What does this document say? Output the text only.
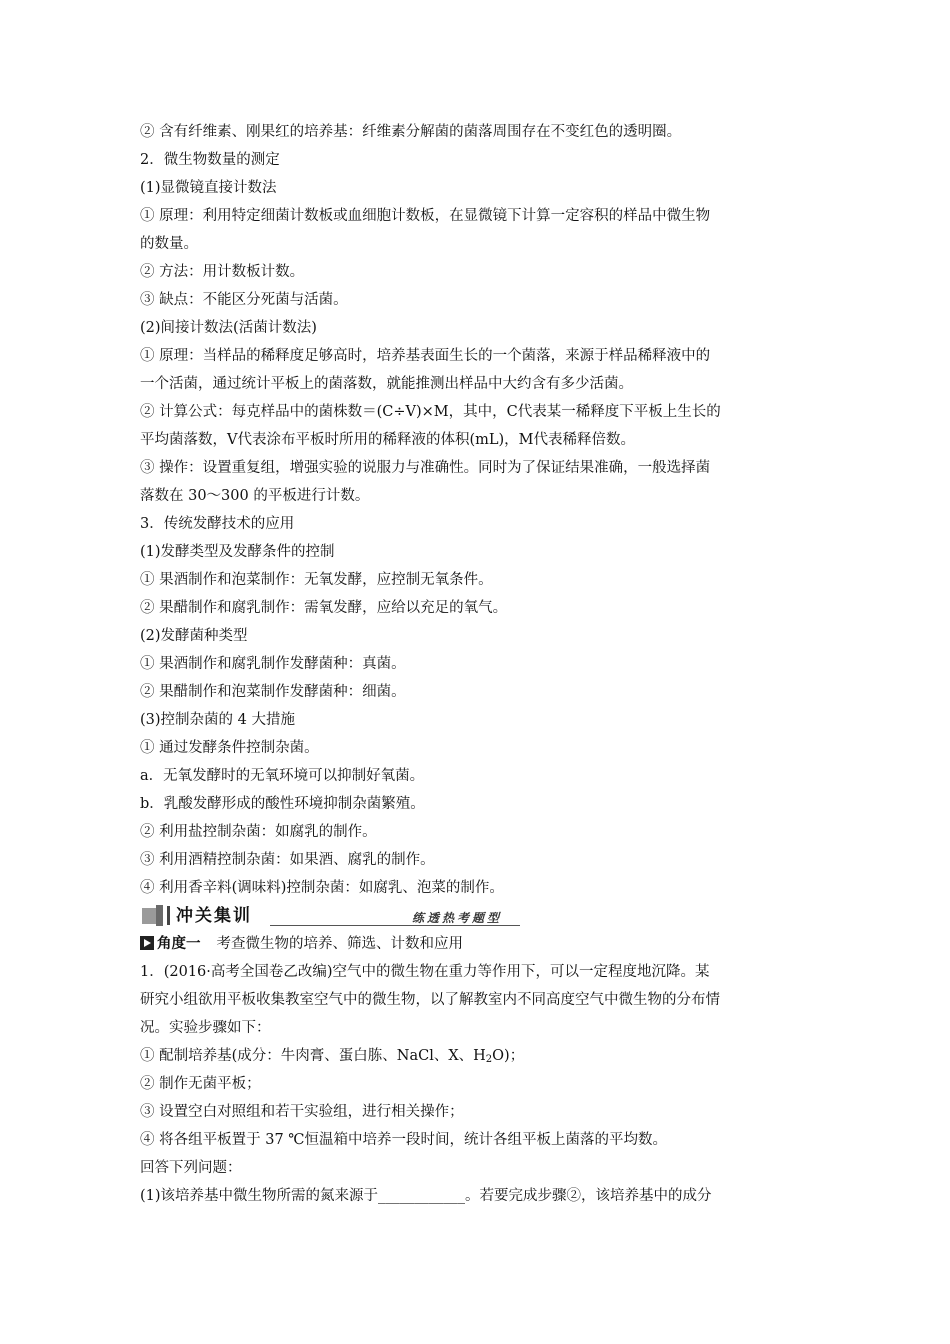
② 含有纤维素、刚果红的培养基：纤维素分解菌的菌落周围存在不变红色的透明圈。
2．微生物数量的测定
(1)显微镜直接计数法
① 原理：利用特定细菌计数板或血细胞计数板，在显微镜下计算一定容积的样品中微生物
的数量。
② 方法：用计数板计数。
③ 缺点：不能区分死菌与活菌。
(2)间接计数法(活菌计数法)
① 原理：当样品的稀释度足够高时，培养基表面生长的一个菌落，来源于样品稀释液中的
一个活菌，通过统计平板上的菌落数，就能推测出样品中大约含有多少活菌。
② 计算公式：每克样品中的菌株数＝(C÷V)×M，其中，C代表某一稀释度下平板上生长的
平均菌落数，V代表涂布平板时所用的稀释液的体积(mL)，M代表稀释倍数。
③ 操作：设置重复组，增强实验的说服力与准确性。同时为了保证结果准确，一般选择菌
落数在 30～300 的平板进行计数。
3．传统发酵技术的应用
(1)发酵类型及发酵条件的控制
① 果酒制作和泡菜制作：无氧发酵，应控制无氧条件。
② 果醋制作和腐乳制作：需氧发酵，应给以充足的氧气。
(2)发酵菌种类型
① 果酒制作和腐乳制作发酵菌种：真菌。
② 果醋制作和泡菜制作发酵菌种：细菌。
(3)控制杂菌的 4 大措施
① 通过发酵条件控制杂菌。
a．无氧发酵时的无氧环境可以抑制好氧菌。
b．乳酸发酵形成的酸性环境抑制杂菌繁殖。
② 利用盐控制杂菌：如腐乳的制作。
③ 利用酒精控制杂菌：如果酒、腐乳的制作。
④ 利用香辛料(调味料)控制杂菌：如腐乳、泡菜的制作。
冲关集训	练透热考题型
角度一 考查微生物的培养、筛选、计数和应用
1．(2016·高考全国卷乙改编)空气中的微生物在重力等作用下，可以一定程度地沉降。某
研究小组欲用平板收集教室空气中的微生物，以了解教室内不同高度空气中微生物的分布情
况。实验步骤如下：
① 配制培养基(成分：牛肉膏、蛋白胨、NaCl、X、$H_2O$)；
② 制作无菌平板；
③ 设置空白对照组和若干实验组，进行相关操作；
④ 将各组平板置于 37 ℃恒温箱中培养一段时间，统计各组平板上菌落的平均数。
回答下列问题：
(1)该培养基中微生物所需的氮来源于____________。若要完成步骤②，该培养基中的成分
